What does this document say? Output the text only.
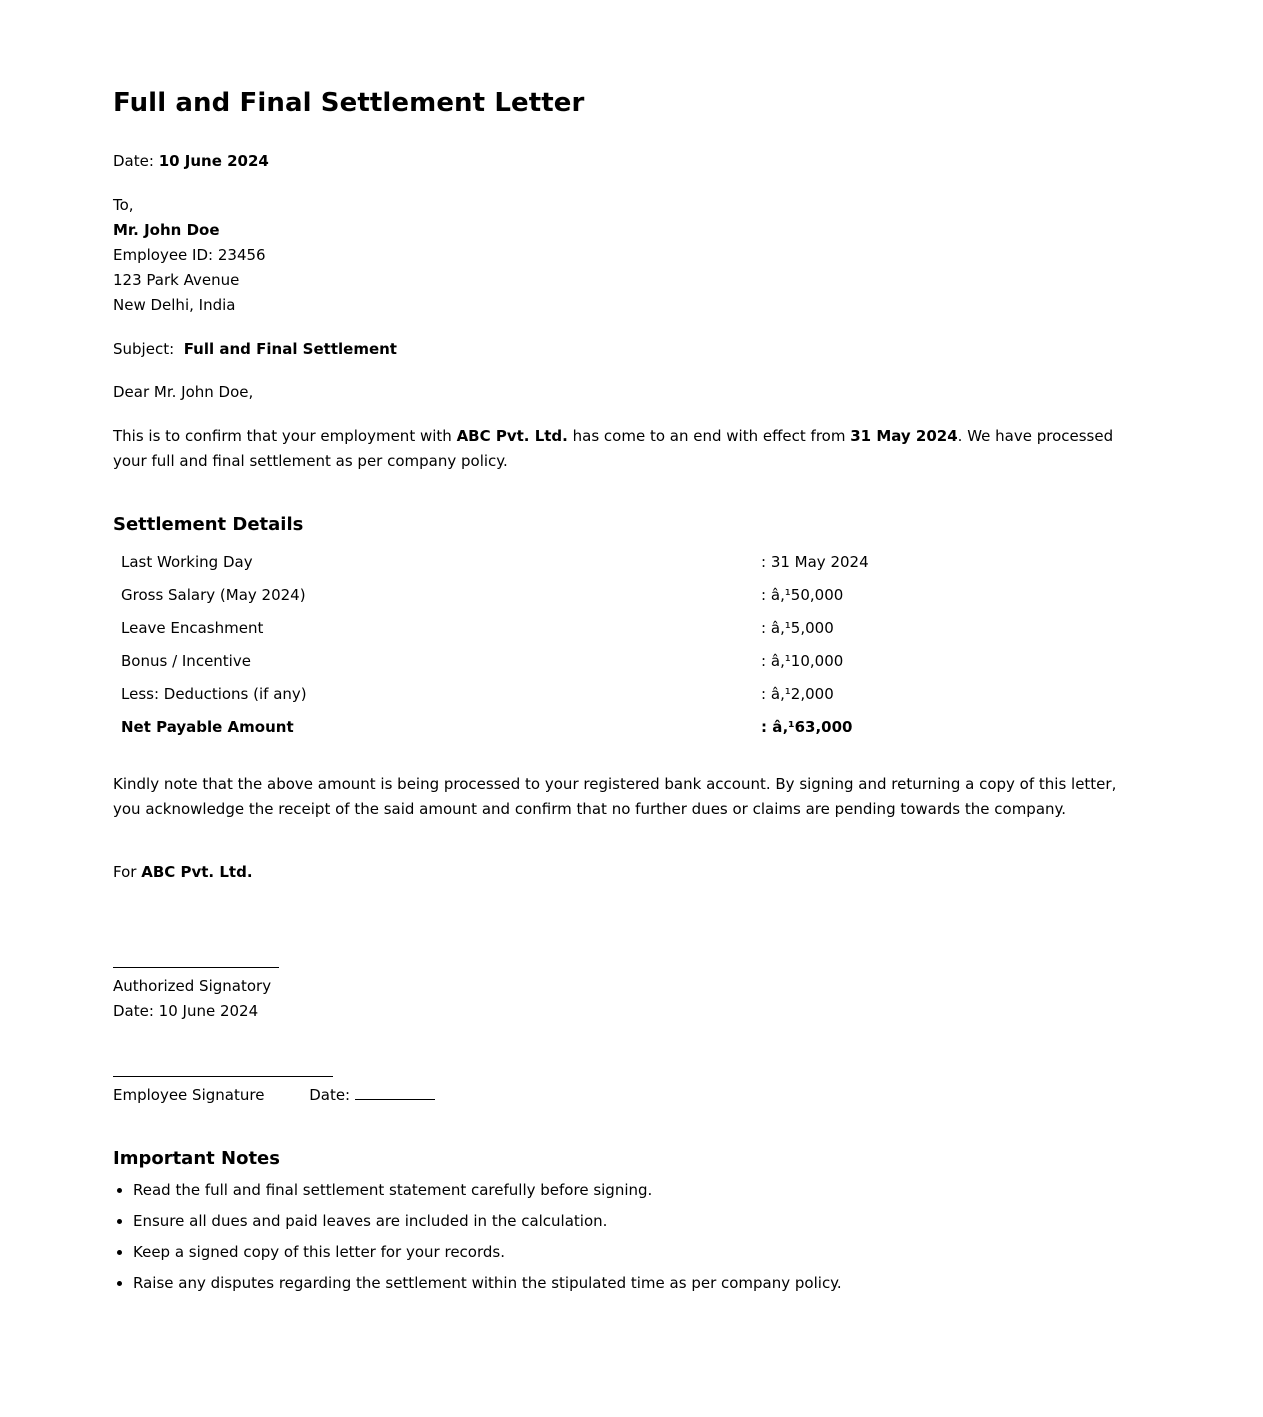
Full and Final Settlement Letter

Date: 10 June 2024

To,
Mr. John Doe
Employee ID: 23456
123 Park Avenue
New Delhi, India

Subject: Full and Final Settlement

Dear Mr. John Doe,

This is to confirm that your employment with ABC Pvt. Ltd. has come to an end with effect from 31 May 2024. We have processed your full and final settlement as per company policy.

Settlement Details
Last Working Day	: 31 May 2024
Gross Salary (May 2024)	: â‚¹50,000
Leave Encashment	: â‚¹5,000
Bonus / Incentive	: â‚¹10,000
Less: Deductions (if any)	: â‚¹2,000
Net Payable Amount	: â‚¹63,000

Kindly note that the above amount is being processed to your registered bank account. By signing and returning a copy of this letter, you acknowledge the receipt of the said amount and confirm that no further dues or claims are pending towards the company.

For ABC Pvt. Ltd.

Authorized Signatory
Date: 10 June 2024
Employee Signature	Date:
Important Notes
• Read the full and final settlement statement carefully before signing.
• Ensure all dues and paid leaves are included in the calculation.
• Keep a signed copy of this letter for your records.
• Raise any disputes regarding the settlement within the stipulated time as per company policy.
